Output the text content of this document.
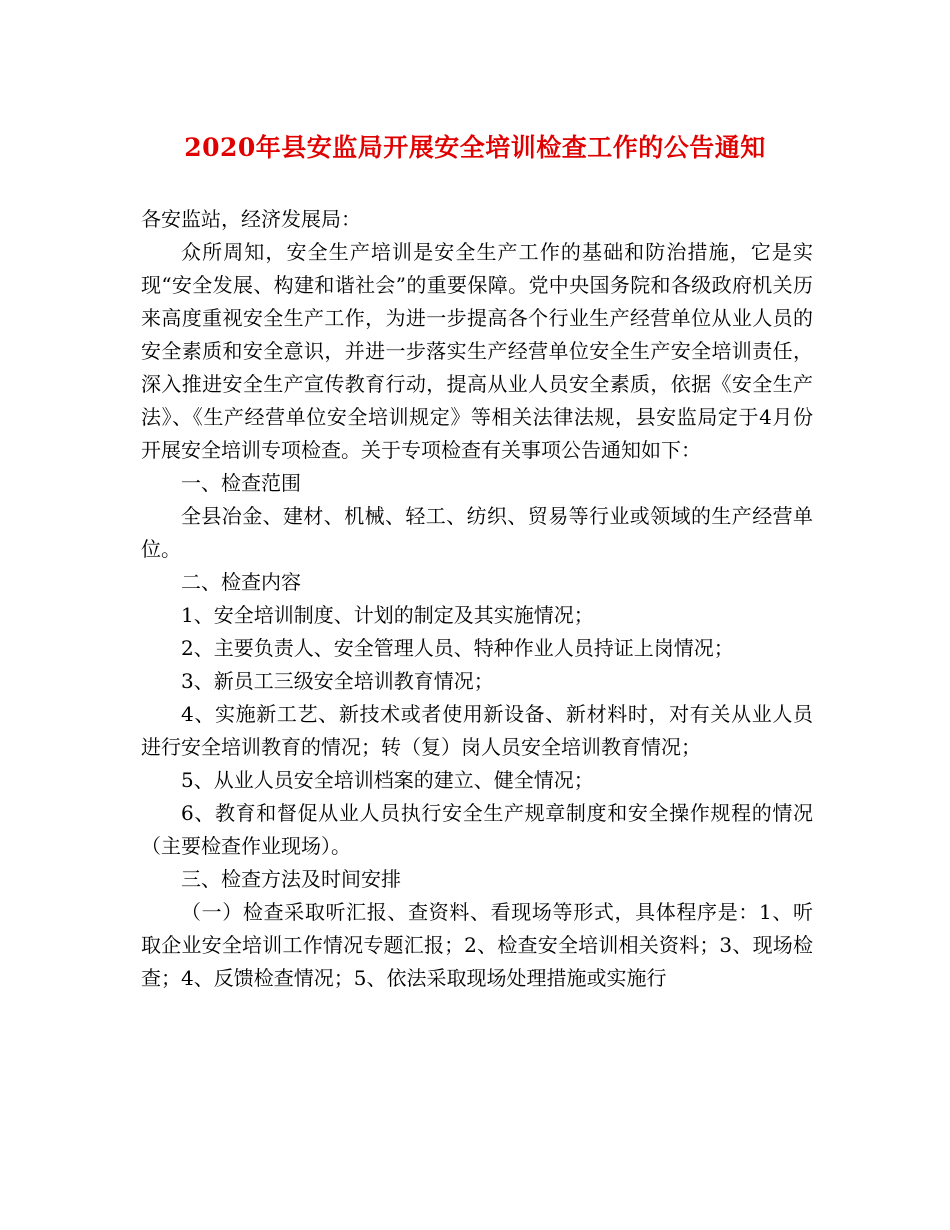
2020年县安监局开展安全培训检查工作的公告通知

各安监站，经济发展局：

众所周知，安全生产培训是安全生产工作的基础和防治措施，它是实现“安全发展、构建和谐社会”的重要保障。党中央国务院和各级政府机关历来高度重视安全生产工作，为进一步提高各个行业生产经营单位从业人员的安全素质和安全意识，并进一步落实生产经营单位安全生产安全培训责任，深入推进安全生产宣传教育行动，提高从业人员安全素质，依据《安全生产法》、《生产经营单位安全培训规定》等相关法律法规，县安监局定于4月份开展安全培训专项检查。关于专项检查有关事项公告通知如下：

一、检查范围

全县冶金、建材、机械、轻工、纺织、贸易等行业或领域的生产经营单位。

二、检查内容

1、安全培训制度、计划的制定及其实施情况；

2、主要负责人、安全管理人员、特种作业人员持证上岗情况；

3、新员工三级安全培训教育情况；

4、实施新工艺、新技术或者使用新设备、新材料时，对有关从业人员进行安全培训教育的情况；转（复）岗人员安全培训教育情况；

5、从业人员安全培训档案的建立、健全情况；

6、教育和督促从业人员执行安全生产规章制度和安全操作规程的情况（主要检查作业现场）。

三、检查方法及时间安排

（一）检查采取听汇报、查资料、看现场等形式，具体程序是：1、听取企业安全培训工作情况专题汇报；2、检查安全培训相关资料；3、现场检查；4、反馈检查情况；5、依法采取现场处理措施或实施行
